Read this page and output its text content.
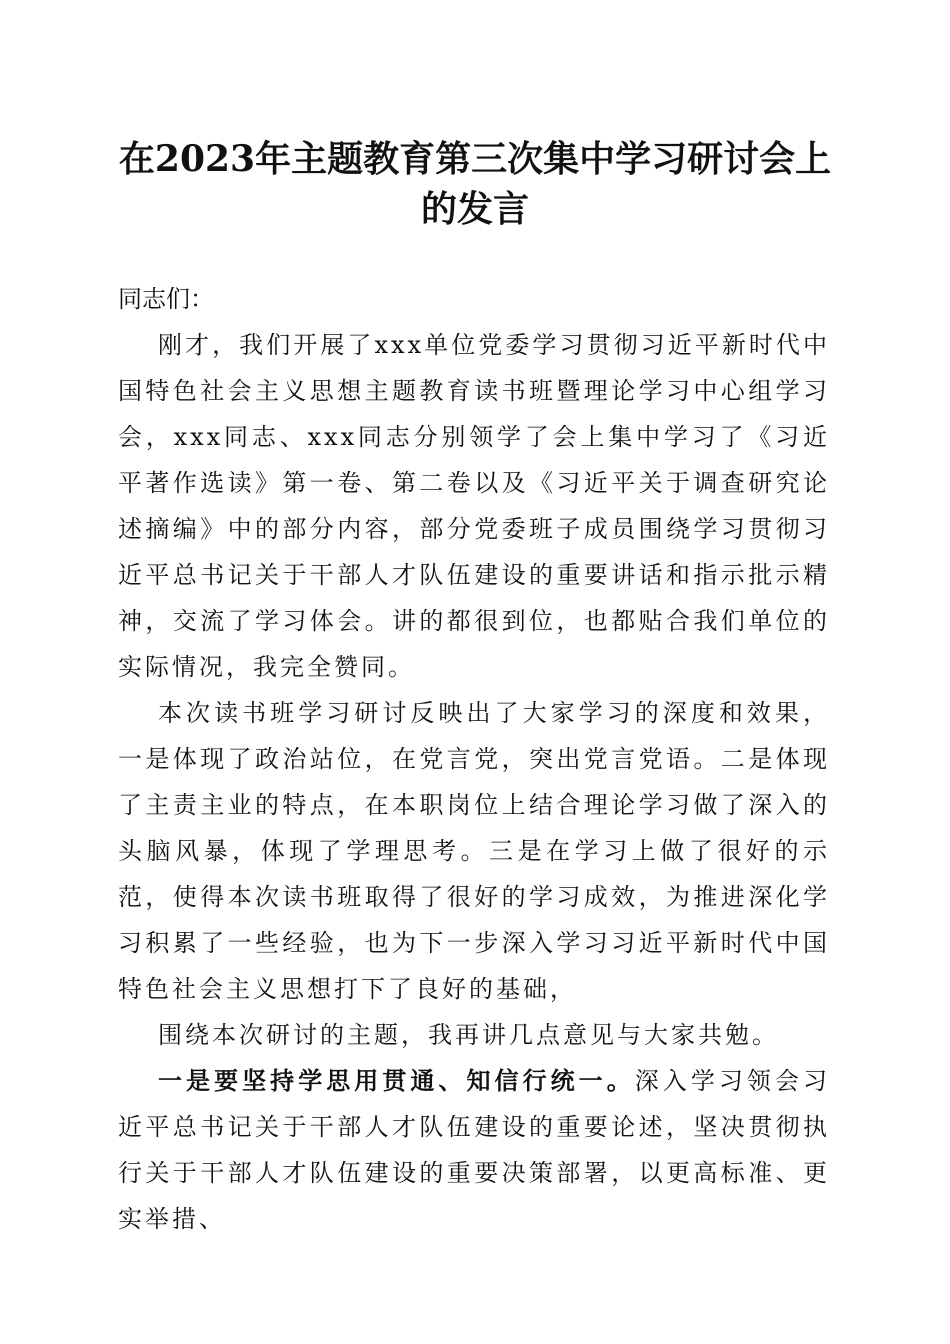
在2023年主题教育第三次集中学习研讨会上
的发言

同志们：

刚才，我们开展了xxx单位党委学习贯彻习近平新时代中国特色社会主义思想主题教育读书班暨理论学习中心组学习会，xxx同志、xxx同志分别领学了会上集中学习了《习近平著作选读》第一卷、第二卷以及《习近平关于调查研究论述摘编》中的部分内容，部分党委班子成员围绕学习贯彻习近平总书记关于干部人才队伍建设的重要讲话和指示批示精神，交流了学习体会。讲的都很到位，也都贴合我们单位的实际情况，我完全赞同。

本次读书班学习研讨反映出了大家学习的深度和效果，一是体现了政治站位，在党言党，突出党言党语。二是体现了主责主业的特点，在本职岗位上结合理论学习做了深入的头脑风暴，体现了学理思考。三是在学习上做了很好的示范，使得本次读书班取得了很好的学习成效，为推进深化学习积累了一些经验，也为下一步深入学习习近平新时代中国特色社会主义思想打下了良好的基础，

围绕本次研讨的主题，我再讲几点意见与大家共勉。

一是要坚持学思用贯通、知信行统一。深入学习领会习近平总书记关于干部人才队伍建设的重要论述，坚决贯彻执行关于干部人才队伍建设的重要决策部署，以更高标准、更实举措、
